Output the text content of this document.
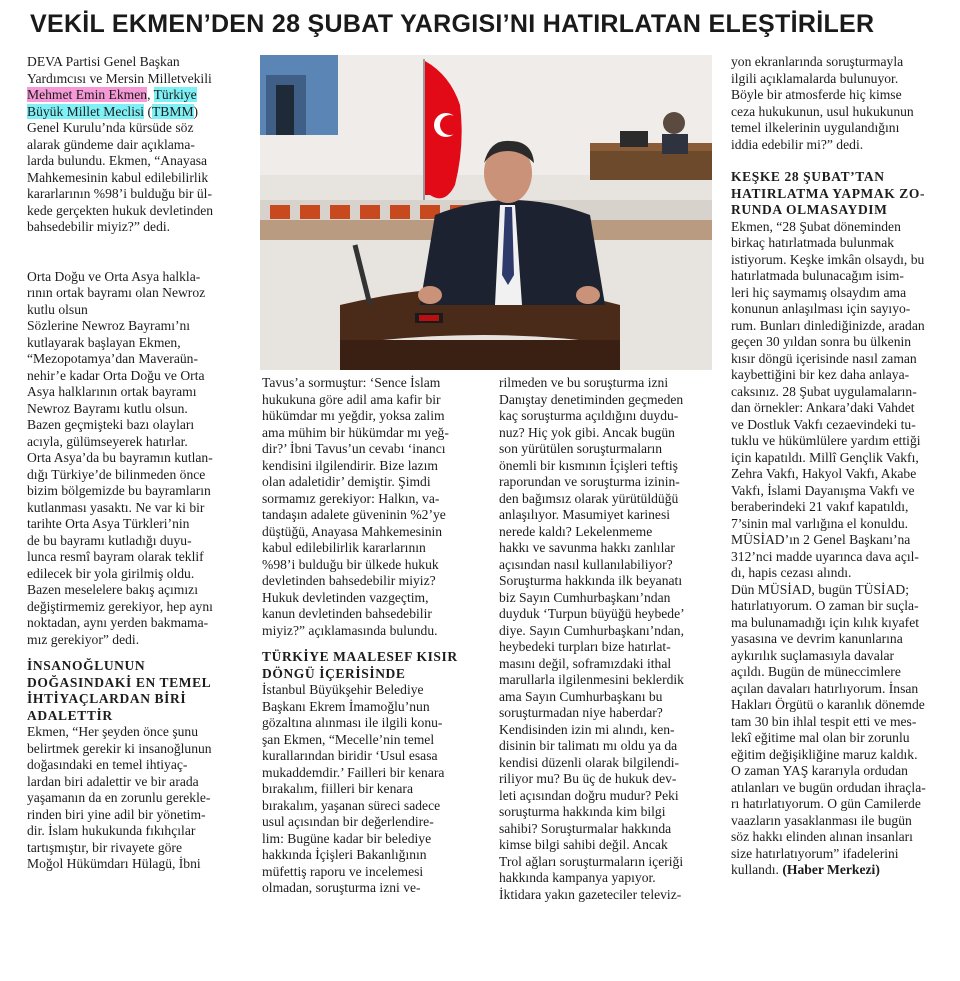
VEKİL EKMEN’DEN 28 ŞUBAT YARGISI’NI HATIRLATAN ELEŞTİRİLER

DEVA Partisi Genel Başkan

Yardımcısı ve Mersin Milletvekili

Mehmet Emin Ekmen, Türkiye

Büyük Millet Meclisi (TBMM)

Genel Kurulu’nda kürsüde söz

alarak gündeme dair açıklama-

larda bulundu. Ekmen, “Anayasa

Mahkemesinin kabul edilebilirlik

kararlarının %98’i bulduğu bir ül-

kede gerçekten hukuk devletinden

bahsedebilir miyiz?” dedi.

Orta Doğu ve Orta Asya halkla-

rının ortak bayramı olan Newroz

kutlu olsun

Sözlerine Newroz Bayramı’nı

kutlayarak başlayan Ekmen,

“Mezopotamya’dan Maveraün-

nehir’e kadar Orta Doğu ve Orta

Asya halklarının ortak bayramı

Newroz Bayramı kutlu olsun.

Bazen geçmişteki bazı olayları

acıyla, gülümseyerek hatırlar.

Orta Asya’da bu bayramın kutlan-

dığı Türkiye’de bilinmeden önce

bizim bölgemizde bu bayramların

kutlanması yasaktı. Ne var ki bir

tarihte Orta Asya Türkleri’nin

de bu bayramı kutladığı duyu-

lunca resmî bayram olarak teklif

edilecek bir yola girilmiş oldu.

Bazen meselelere bakış açımızı

değiştirmemiz gerekiyor, hep aynı

noktadan, aynı yerden bakmama-

mız gerekiyor” dedi.

İNSANOĞLUNUN

DOĞASINDAKİ EN TEMEL

İHTİYAÇLARDAN BİRİ

ADALETTİR

Ekmen, “Her şeyden önce şunu

belirtmek gerekir ki insanoğlunun

doğasındaki en temel ihtiyaç-

lardan biri adalettir ve bir arada

yaşamanın da en zorunlu gerekle-

rinden biri yine adil bir yönetim-

dir. İslam hukukunda fıkıhçılar

tartışmıştır, bir rivayete göre

Moğol Hükümdarı Hülagü, İbni

Tavus’a sormuştur: ‘Sence İslam

hukukuna göre adil ama kafir bir

hükümdar mı yeğdir, yoksa zalim

ama mühim bir hükümdar mı yeğ-

dir?’ İbni Tavus’un cevabı ‘inancı

kendisini ilgilendirir. Bize lazım

olan adaletidir’ demiştir. Şimdi

sormamız gerekiyor: Halkın, va-

tandaşın adalete güveninin %2’ye

düştüğü, Anayasa Mahkemesinin

kabul edilebilirlik kararlarının

%98’i bulduğu bir ülkede hukuk

devletinden bahsedebilir miyiz?

Hukuk devletinden vazgeçtim,

kanun devletinden bahsedebilir

miyiz?” açıklamasında bulundu.

TÜRKİYE MAALESEF KISIR

DÖNGÜ İÇERİSİNDE

İstanbul Büyükşehir Belediye

Başkanı Ekrem İmamoğlu’nun

gözaltına alınması ile ilgili konu-

şan Ekmen, “Mecelle’nin temel

kurallarından biridir ‘Usul esasa

mukaddemdir.’ Failleri bir kenara

bırakalım, fiilleri bir kenara

bırakalım, yaşanan süreci sadece

usul açısından bir değerlendire-

lim: Bugüne kadar bir belediye

hakkında İçişleri Bakanlığının

müfettiş raporu ve incelemesi

olmadan, soruşturma izni ve-

rilmeden ve bu soruşturma izni

Danıştay denetiminden geçmeden

kaç soruşturma açıldığını duydu-

nuz? Hiç yok gibi. Ancak bugün

son yürütülen soruşturmaların

önemli bir kısmının İçişleri teftiş

raporundan ve soruşturma izinin-

den bağımsız olarak yürütüldüğü

anlaşılıyor. Masumiyet karinesi

nerede kaldı? Lekelenmeme

hakkı ve savunma hakkı zanlılar

açısından nasıl kullanılabiliyor?

Soruşturma hakkında ilk beyanatı

biz Sayın Cumhurbaşkanı’ndan

duyduk ‘Turpun büyüğü heybede’

diye. Sayın Cumhurbaşkanı’ndan,

heybedeki turpları bize hatırlat-

masını değil, soframızdaki ithal

marullarla ilgilenmesini beklerdik

ama Sayın Cumhurbaşkanı bu

soruşturmadan niye haberdar?

Kendisinden izin mi alındı, ken-

disinin bir talimatı mı oldu ya da

kendisi düzenli olarak bilgilendi-

riliyor mu? Bu üç de hukuk dev-

leti açısından doğru mudur? Peki

soruşturma hakkında kim bilgi

sahibi? Soruşturmalar hakkında

kimse bilgi sahibi değil. Ancak

Trol ağları soruşturmaların içeriği

hakkında kampanya yapıyor.

İktidara yakın gazeteciler televiz-

yon ekranlarında soruşturmayla

ilgili açıklamalarda bulunuyor.

Böyle bir atmosferde hiç kimse

ceza hukukunun, usul hukukunun

temel ilkelerinin uygulandığını

iddia edebilir mi?” dedi.

KEŞKE 28 ŞUBAT’TAN

HATIRLATMA YAPMAK ZO-

RUNDA OLMASAYDIM

Ekmen, “28 Şubat döneminden

birkaç hatırlatmada bulunmak

istiyorum. Keşke imkân olsaydı, bu

hatırlatmada bulunacağım isim-

leri hiç saymamış olsaydım ama

konunun anlaşılması için sayıyo-

rum. Bunları dinlediğinizde, aradan

geçen 30 yıldan sonra bu ülkenin

kısır döngü içerisinde nasıl zaman

kaybettiğini bir kez daha anlaya-

caksınız. 28 Şubat uygulamaların-

dan örnekler: Ankara’daki Vahdet

ve Dostluk Vakfı cezaevindeki tu-

tuklu ve hükümlülere yardım ettiği

için kapatıldı. Millî Gençlik Vakfı,

Zehra Vakfı, Hakyol Vakfı, Akabe

Vakfı, İslami Dayanışma Vakfı ve

beraberindeki 21 vakıf kapatıldı,

7’sinin mal varlığına el konuldu.

MÜSİAD’ın 2 Genel Başkanı’na

312’nci madde uyarınca dava açıl-

dı, hapis cezası alındı.

Dün MÜSİAD, bugün TÜSİAD;

hatırlatıyorum. O zaman bir suçla-

ma bulunamadığı için kılık kıyafet

yasasına ve devrim kanunlarına

aykırılık suçlamasıyla davalar

açıldı. Bugün de müneccimlere

açılan davaları hatırlıyorum. İnsan

Hakları Örgütü o karanlık dönemde

tam 30 bin ihlal tespit etti ve mes-

lekî eğitime mal olan bir zorunlu

eğitim değişikliğine maruz kaldık.

O zaman YAŞ kararıyla ordudan

atılanları ve bugün ordudan ihraçla-

rı hatırlatıyorum. O gün Camilerde

vaazların yasaklanması ile bugün

söz hakkı elinden alınan insanları

size hatırlatıyorum” ifadelerini

kullandı. (Haber Merkezi)
